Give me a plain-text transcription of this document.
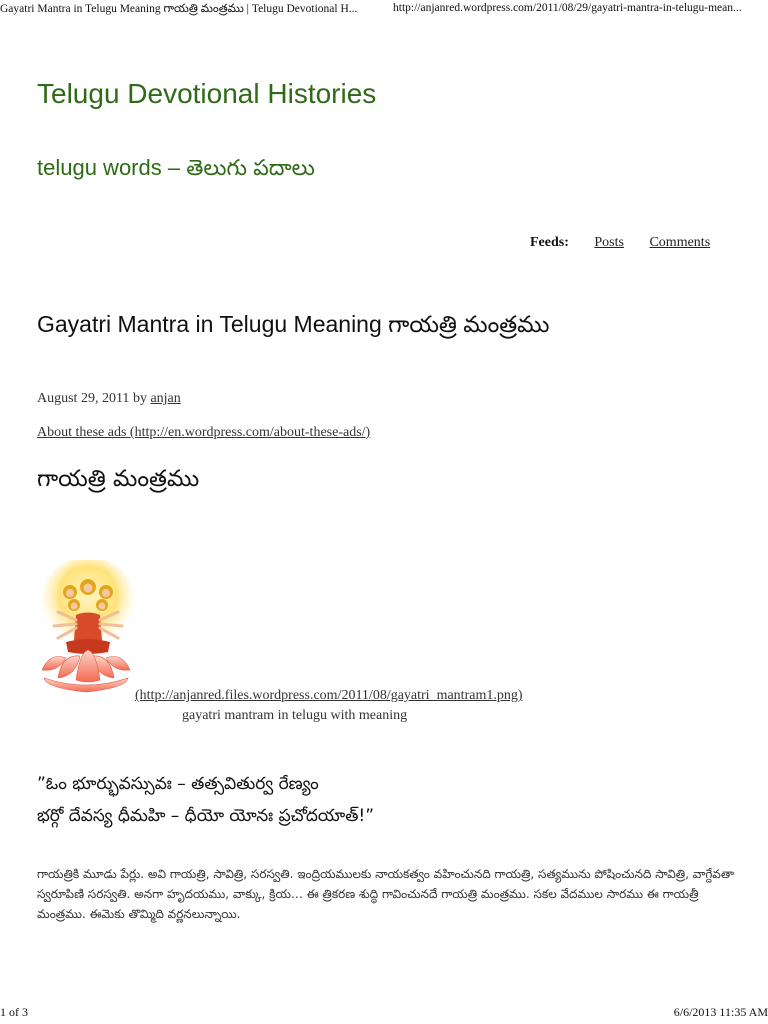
Gayatri Mantra in Telugu Meaning గాయత్రి మంత్రము | Telugu Devotional H...	http://anjanred.wordpress.com/2011/08/29/gayatri-mantra-in-telugu-mean...
Telugu Devotional Histories
telugu words – తెలుగు పదాలు
Feeds: Posts Comments
Gayatri Mantra in Telugu Meaning గాయత్రి మంత్రము
August 29, 2011 by anjan
About these ads (http://en.wordpress.com/about-these-ads/)
గాయత్రి మంత్రము
(http://anjanred.files.wordpress.com/2011/08/gayatri_mantram1.png)
gayatri mantram in telugu with meaning
”ఓం భూర్భువస్సువః – తత్సవితుర్వ రేణ్యం
భర్గో దేవస్య ధీమహి – ధీయో యోనః ప్రచోదయాత్!”
గాయత్రికి మూడు పేర్లు. అవి గాయత్రి, సావిత్రి, సరస్వతి. ఇంద్రియములకు నాయకత్వం వహించునది గాయత్రి, సత్యమును పోషించునది సావిత్రి, వాగ్దేవతా స్వరూపిణి సరస్వతి. అనగా హృదయము, వాక్కు, క్రియ… ఈ త్రికరణ శుద్ధి గావించునదే గాయత్రి మంత్రము. సకల వేదముల సారము ఈ గాయత్రీ మంత్రము. ఈమెకు తొమ్మిది వర్ణనలున్నాయి.
1 of 3	6/6/2013 11:35 AM
